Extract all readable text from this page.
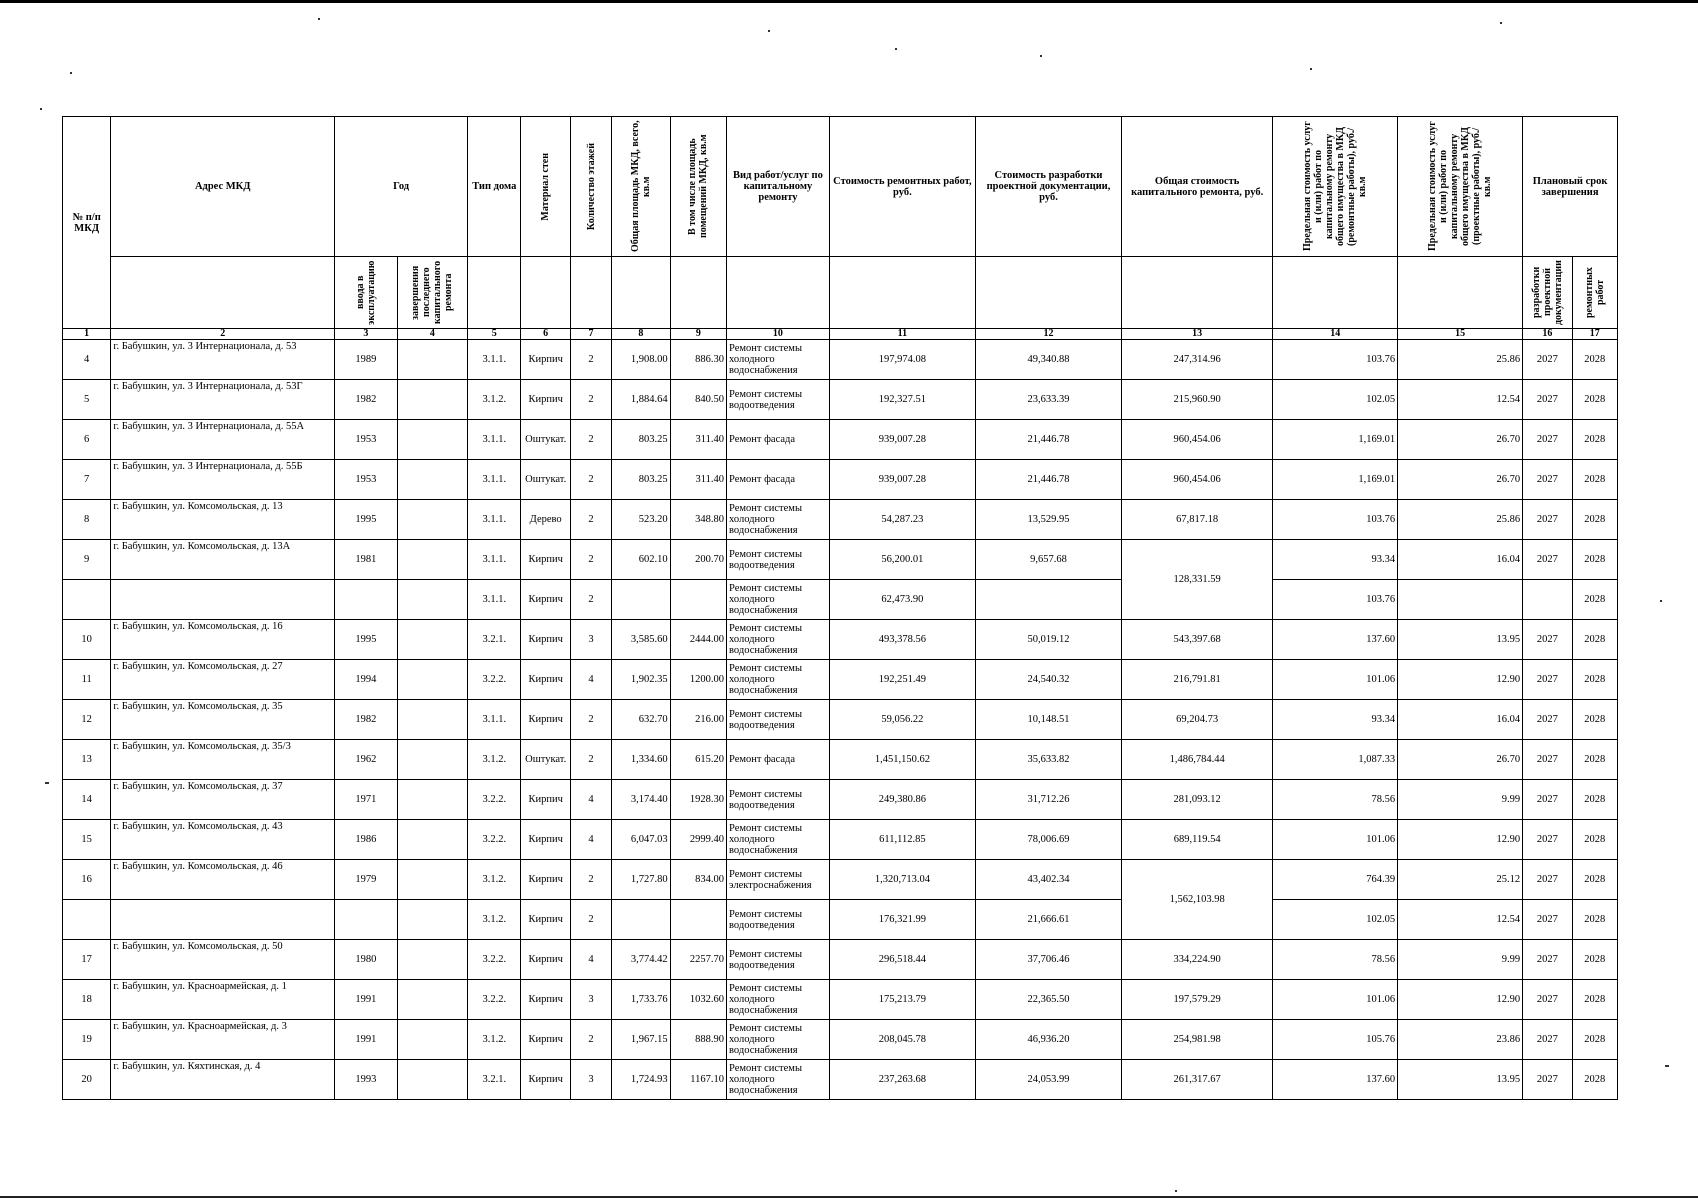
№ п/п МКД	Адрес МКД	Год		Тип дома	Материал стен	Количество этажей	Общая площадь МКД, всего, кв.м	В том числе площадь помещений МКД, кв.м	Вид работ/услуг по капитальному ремонту	Стоимость ремонтных работ, руб.	Стоимость разработки проектной документации, руб.	Общая стоимость капитального ремонта, руб.	Предельная стоимость услуг и (или) работ по капитальному ремонту общего имущества в МКД (ремонтные работы), руб./кв.м	Предельная стоимость услуг и (или) работ по капитальному ремонту общего имущества в МКД (проектные работы), руб./кв.м	Плановый срок завершения	

		ввода в эксплуатацию	завершения последнего капитального ремонта												разработки проектной документации	ремонтных работ

1	2	3	4	5	6	7	8	9	10	11	12	13	14	15	16	17
4	г. Бабушкин, ул. 3 Интернационала, д. 53	1989		3.1.1.	Кирпич	2	1,908.00	886.30	Ремонт системы холодного водоснабжения	197,974.08	49,340.88	247,314.96	103.76	25.86	2027	2028
5	г. Бабушкин, ул. 3 Интернационала, д. 53Г	1982		3.1.2.	Кирпич	2	1,884.64	840.50	Ремонт системы водоотведения	192,327.51	23,633.39	215,960.90	102.05	12.54	2027	2028
6	г. Бабушкин, ул. 3 Интернационала, д. 55А	1953		3.1.1.	Оштукат.	2	803.25	311.40	Ремонт фасада	939,007.28	21,446.78	960,454.06	1,169.01	26.70	2027	2028
7	г. Бабушкин, ул. 3 Интернационала, д. 55Б	1953		3.1.1.	Оштукат.	2	803.25	311.40	Ремонт фасада	939,007.28	21,446.78	960,454.06	1,169.01	26.70	2027	2028
8	г. Бабушкин, ул. Комсомольская, д. 13	1995		3.1.1.	Дерево	2	523.20	348.80	Ремонт системы холодного водоснабжения	54,287.23	13,529.95	67,817.18	103.76	25.86	2027	2028
9	г. Бабушкин, ул. Комсомольская, д. 13А	1981		3.1.1.	Кирпич	2	602.10	200.70	Ремонт системы водоотведения	56,200.01	9,657.68	128,331.59	93.34	16.04	2027	2028
				3.1.1.	Кирпич	2			Ремонт системы холодного водоснабжения	62,473.90			103.76			2028
10	г. Бабушкин, ул. Комсомольская, д. 16	1995		3.2.1.	Кирпич	3	3,585.60	2444.00	Ремонт системы холодного водоснабжения	493,378.56	50,019.12	543,397.68	137.60	13.95	2027	2028
11	г. Бабушкин, ул. Комсомольская, д. 27	1994		3.2.2.	Кирпич	4	1,902.35	1200.00	Ремонт системы холодного водоснабжения	192,251.49	24,540.32	216,791.81	101.06	12.90	2027	2028
12	г. Бабушкин, ул. Комсомольская, д. 35	1982		3.1.1.	Кирпич	2	632.70	216.00	Ремонт системы водоотведения	59,056.22	10,148.51	69,204.73	93.34	16.04	2027	2028
13	г. Бабушкин, ул. Комсомольская, д. 35/3	1962		3.1.2.	Оштукат.	2	1,334.60	615.20	Ремонт фасада	1,451,150.62	35,633.82	1,486,784.44	1,087.33	26.70	2027	2028
14	г. Бабушкин, ул. Комсомольская, д. 37	1971		3.2.2.	Кирпич	4	3,174.40	1928.30	Ремонт системы водоотведения	249,380.86	31,712.26	281,093.12	78.56	9.99	2027	2028
15	г. Бабушкин, ул. Комсомольская, д. 43	1986		3.2.2.	Кирпич	4	6,047.03	2999.40	Ремонт системы холодного водоснабжения	611,112.85	78,006.69	689,119.54	101.06	12.90	2027	2028
16	г. Бабушкин, ул. Комсомольская, д. 46	1979		3.1.2.	Кирпич	2	1,727.80	834.00	Ремонт системы электроснабжения	1,320,713.04	43,402.34	1,562,103.98	764.39	25.12	2027	2028
				3.1.2.	Кирпич	2			Ремонт системы водоотведения	176,321.99	21,666.61		102.05	12.54	2027	2028
17	г. Бабушкин, ул. Комсомольская, д. 50	1980		3.2.2.	Кирпич	4	3,774.42	2257.70	Ремонт системы водоотведения	296,518.44	37,706.46	334,224.90	78.56	9.99	2027	2028
18	г. Бабушкин, ул. Красноармейская, д. 1	1991		3.2.2.	Кирпич	3	1,733.76	1032.60	Ремонт системы холодного водоснабжения	175,213.79	22,365.50	197,579.29	101.06	12.90	2027	2028
19	г. Бабушкин, ул. Красноармейская, д. 3	1991		3.1.2.	Кирпич	2	1,967.15	888.90	Ремонт системы холодного водоснабжения	208,045.78	46,936.20	254,981.98	105.76	23.86	2027	2028
20	г. Бабушкин, ул. Кяхтинская, д. 4	1993		3.2.1.	Кирпич	3	1,724.93	1167.10	Ремонт системы холодного водоснабжения	237,263.68	24,053.99	261,317.67	137.60	13.95	2027	2028
